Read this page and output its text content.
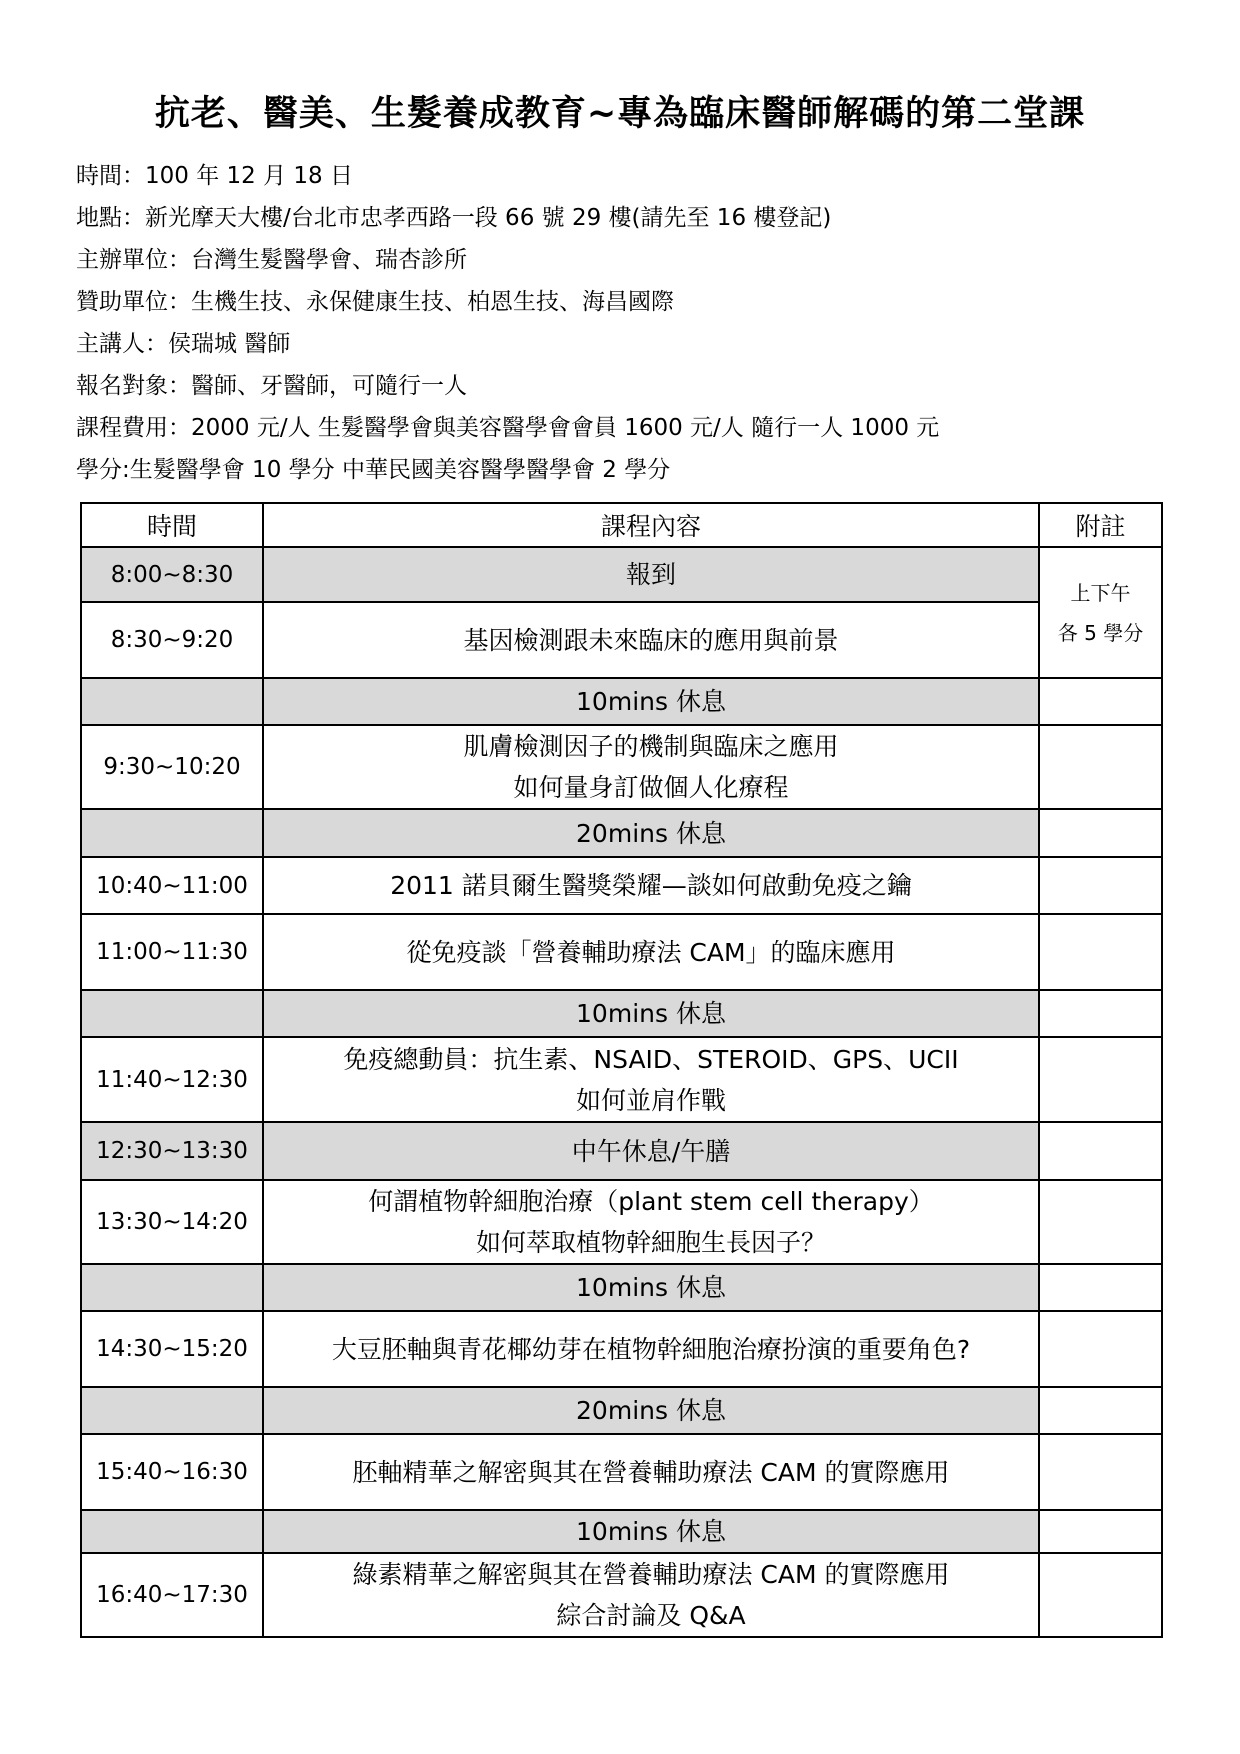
抗老、醫美、生髮養成教育~專為臨床醫師解碼的第二堂課
時間：100 年 12 月 18 日
地點：新光摩天大樓/台北市忠孝西路一段 66 號 29 樓(請先至 16 樓登記)
主辦單位：台灣生髮醫學會、瑞杏診所
贊助單位：生機生技、永保健康生技、柏恩生技、海昌國際
主講人：侯瑞城 醫師
報名對象：醫師、牙醫師，可隨行一人
課程費用：2000 元/人 生髮醫學會與美容醫學會會員 1600 元/人 隨行一人 1000 元
學分:生髮醫學會 10 學分 中華民國美容醫學醫學會 2 學分
時間	課程內容	附註
8:00~8:30	報到	上下午
各 5 學分

8:30~9:20	基因檢測跟未來臨床的應用與前景	

	10mins 休息	

9:30~10:20	肌膚檢測因子的機制與臨床之應用
如何量身訂做個人化療程	

	20mins 休息	

10:40~11:00	2011 諾貝爾生醫獎榮耀—談如何啟動免疫之鑰	

11:00~11:30	從免疫談「營養輔助療法 CAM」的臨床應用	

	10mins 休息	

11:40~12:30	免疫總動員：抗生素、NSAID、STEROID、GPS、UCII
如何並肩作戰	

12:30~13:30	中午休息/午膳	

13:30~14:20	何謂植物幹細胞治療（plant stem cell therapy）
如何萃取植物幹細胞生長因子？	

	10mins 休息	

14:30~15:20	大豆胚軸與青花椰幼芽在植物幹細胞治療扮演的重要角色?	

	20mins 休息	

15:40~16:30	胚軸精華之解密與其在營養輔助療法 CAM 的實際應用	

	10mins 休息	

16:40~17:30	綠素精華之解密與其在營養輔助療法 CAM 的實際應用
綜合討論及 Q&A	
